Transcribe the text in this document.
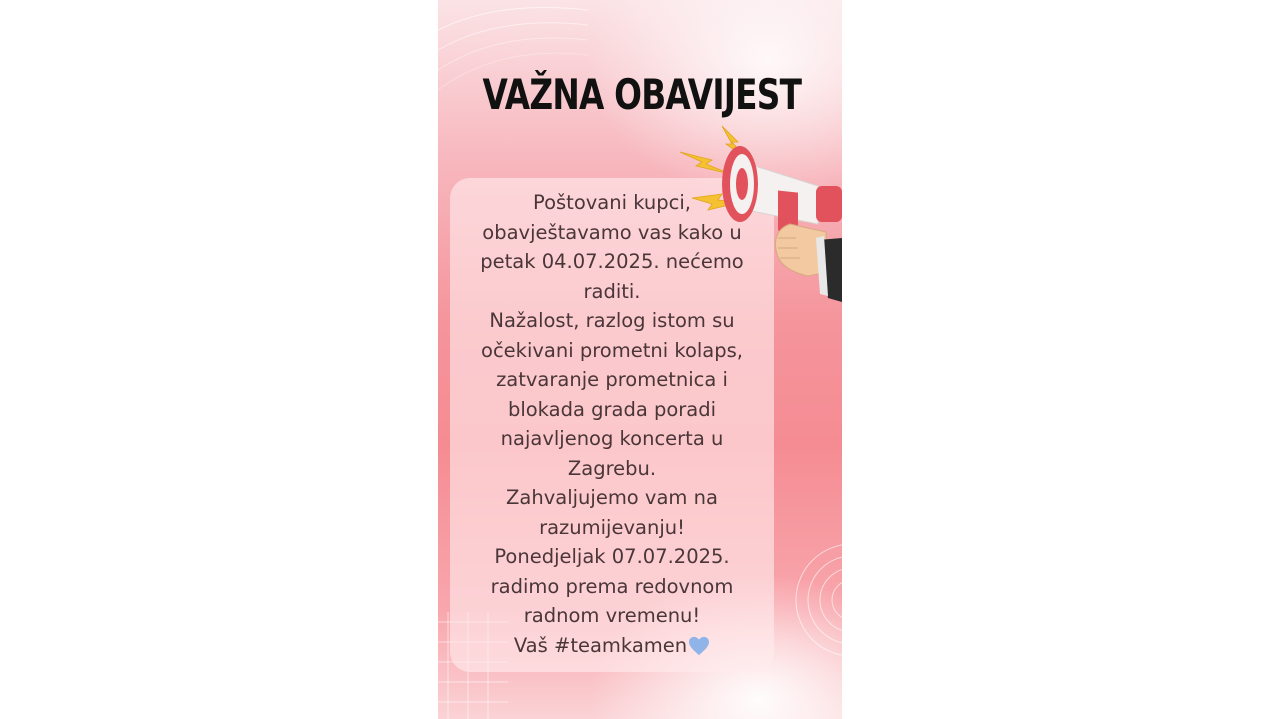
VAŽNA OBAVIJEST
Poštovani kupci,
obavještavamo vas kako u
petak 04.07.2025. nećemo
raditi.
Nažalost, razlog istom su
očekivani prometni kolaps,
zatvaranje prometnica i
blokada grada poradi
najavljenog koncerta u
Zagrebu.
Zahvaljujemo vam na
razumijevanju!
Ponedjeljak 07.07.2025.
radimo prema redovnom
radnom vremenu!
Vaš #teamkamen
